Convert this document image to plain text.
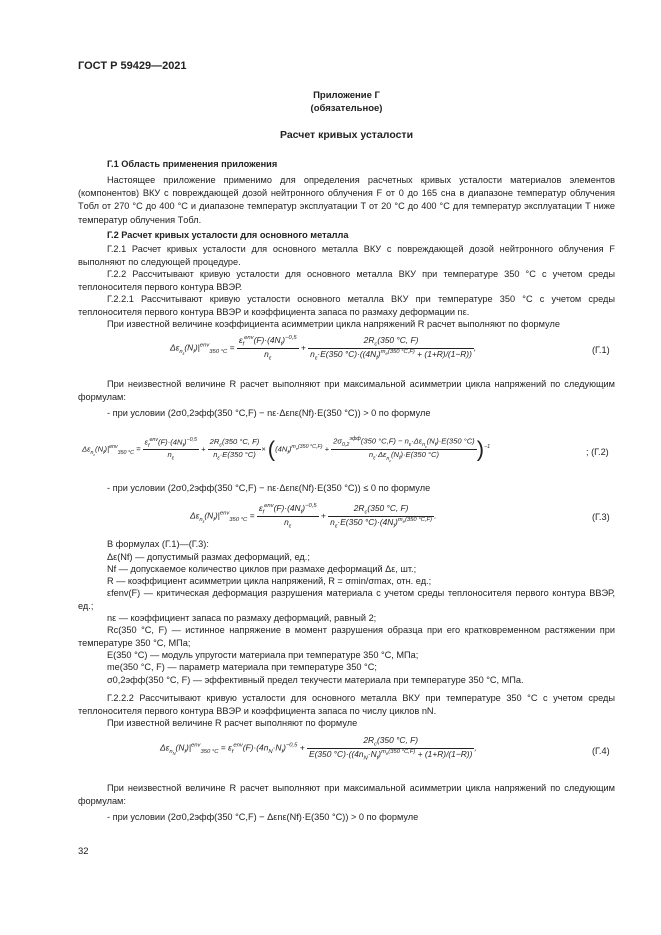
ГОСТ Р 59429—2021
Приложение Г
(обязательное)
Расчет кривых усталости

Г.1 Область применения приложения

Настоящее приложение применимо для определения расчетных кривых усталости материалов элементов (компонентов) ВКУ с повреждающей дозой нейтронного облучения F от 0 до 165 сна в диапазоне температур облучения Tобл от 270 °C до 400 °C и диапазоне температур эксплуатации T от 20 °C до 400 °C для температур эксплуатации T ниже температур облучения Tобл.

Г.2 Расчет кривых усталости для основного металла

Г.2.1 Расчет кривых усталости для основного металла ВКУ с повреждающей дозой нейтронного облучения F выполняют по следующей процедуре.

Г.2.2 Рассчитывают кривую усталости для основного металла ВКУ при температуре 350 °C с учетом среды теплоносителя первого контура ВВЭР.

Г.2.2.1 Рассчитывают кривую усталости основного металла ВКУ при температуре 350 °C с учетом среды теплоносителя первого контура ВВЭР и коэффициента запаса по размаху деформации nε.

При известной величине коэффициента асимметрии цикла напряжений R расчет выполняют по формуле

$\Delta\varepsilon_{n_\varepsilon}(N_f)|^{env}_{350 ^\circ C} = \frac{\varepsilon_f^{env}(F)\cdot(4N_f)^{-0,5}}{n_\varepsilon} + \frac{2R_c(350 ^\circ C, F)}{n_\varepsilon\cdot E(350 ^\circ C)\cdot((4N_f)^{m_e(350 ^\circ C,F)} + (1+R)/(1-R))}$ ,	(Г.1)

При неизвестной величине R расчет выполняют при максимальной асимметрии цикла напряжений по следующим формулам:

- при условии (2σ0,2эфф(350 °C,F) − nε·Δεnε(Nf)·E(350 °C)) > 0 по формуле

$\Delta\varepsilon_{n_\varepsilon}(N_f)|^{env}_{350 ^\circ C} = \frac{\varepsilon_f^{env}(F)\cdot(4N_f)^{-0,5}}{n_\varepsilon} + \frac{2R_c(350 ^\circ C, F)}{n_\varepsilon\cdot E(350 ^\circ C)} \times ((4N_f)^{m_e(350 ^\circ C,F)} + \frac{2\sigma_{0,2}^{эфф}(350 ^\circ C,F) - n_\varepsilon\cdot\Delta\varepsilon_{n_\varepsilon}(N_f)\cdot E(350 ^\circ C)}{n_\varepsilon\cdot\Delta\varepsilon_{n_\varepsilon}(N_f)\cdot E(350 ^\circ C)} )^{-1}$
; (Г.2)

- при условии (2σ0,2эфф(350 °C,F) − nε·Δεnε(Nf)·E(350 °C)) ≤ 0 по формуле

$\Delta\varepsilon_{n_\varepsilon}(N_f)|^{env}_{350 ^\circ C} = \frac{\varepsilon_f^{env}(F)\cdot(4N_f)^{-0,5}}{n_\varepsilon} + \frac{2R_c(350 ^\circ C, F)}{n_\varepsilon\cdot E(350 ^\circ C)\cdot(4N_f)^{m_e(350 ^\circ C,F)}}$ .	(Г.3)

В формулах (Г.1)—(Г.3):

Δε(Nf) — допустимый размах деформаций, ед.;

Nf — допускаемое количество циклов при размахе деформаций Δε, шт.;

R — коэффициент асимметрии цикла напряжений, R = σmin/σmax, отн. ед.;

εfenv(F) — критическая деформация разрушения материала с учетом среды теплоносителя первого контура ВВЭР, ед.;

nε — коэффициент запаса по размаху деформаций, равный 2;

Rc(350 °C, F) — истинное напряжение в момент разрушения образца при его кратковременном растяжении при температуре 350 °C, МПа;

E(350 °C) — модуль упругости материала при температуре 350 °C, МПа;

me(350 °C, F) — параметр материала при температуре 350 °C;

σ0,2эфф(350 °C, F) — эффективный предел текучести материала при температуре 350 °C, МПа.

Г.2.2.2 Рассчитывают кривую усталости для основного металла ВКУ при температуре 350 °C с учетом среды теплоносителя первого контура ВВЭР и коэффициента запаса по числу циклов nN.

При известной величине R расчет выполняют по формуле

$\Delta\varepsilon_{n_N}(N_f)|^{env}_{350 ^\circ C} = \varepsilon_f^{env}(F)\cdot(4n_N\cdot N_f)^{-0,5} + \frac{2R_c(350 ^\circ C, F)}{E(350 ^\circ C)\cdot((4n_N\cdot N_f)^{m_e(350 ^\circ C,F)} + (1+R)/(1-R))}$ ,	(Г.4)

При неизвестной величине R расчет выполняют при максимальной асимметрии цикла напряжений по следующим формулам:

- при условии (2σ0,2эфф(350 °C,F) − Δεnε(Nf)·E(350 °C)) > 0 по формуле

32
